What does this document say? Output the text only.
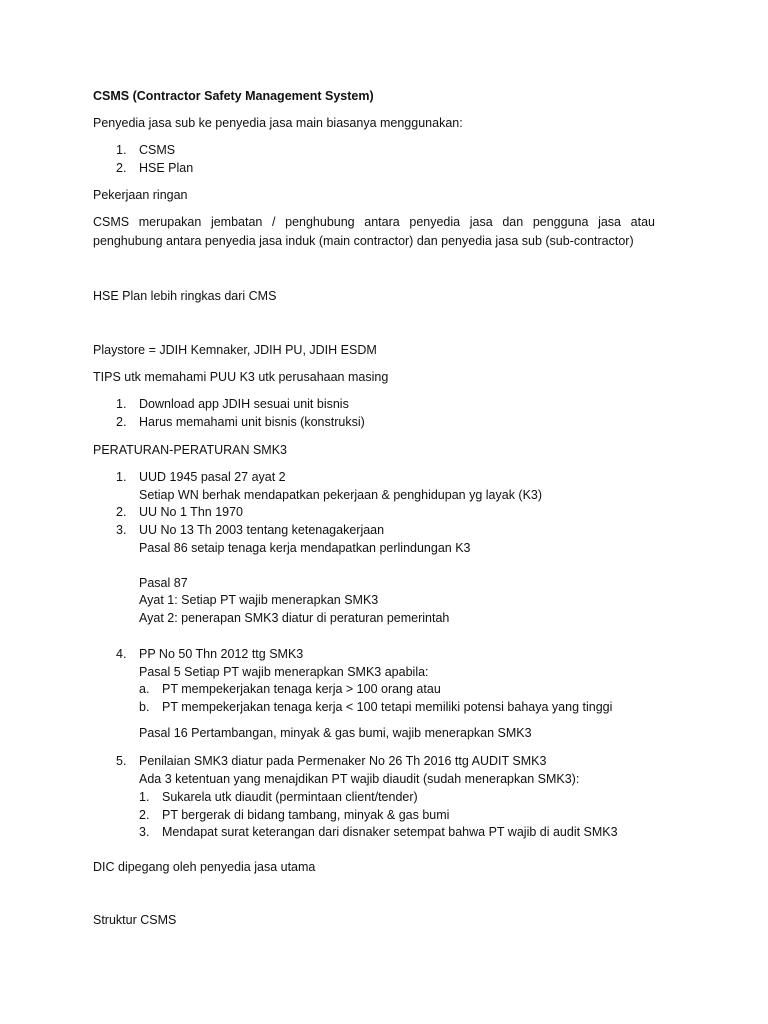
CSMS (Contractor Safety Management System)
Penyedia jasa sub ke penyedia jasa main biasanya menggunakan:
1. CSMS
2. HSE Plan
Pekerjaan ringan
CSMS merupakan jembatan / penghubung antara penyedia jasa dan pengguna jasa atau
penghubung antara penyedia jasa induk (main contractor) dan penyedia jasa sub (sub-contractor)
HSE Plan lebih ringkas dari CMS
Playstore = JDIH Kemnaker, JDIH PU, JDIH ESDM
TIPS utk memahami PUU K3 utk perusahaan masing
1. Download app JDIH sesuai unit bisnis
2. Harus memahami unit bisnis (konstruksi)
PERATURAN-PERATURAN SMK3
1. UUD 1945 pasal 27 ayat 2
Setiap WN berhak mendapatkan pekerjaan & penghidupan yg layak (K3)
2. UU No 1 Thn 1970
3. UU No 13 Th 2003 tentang ketenagakerjaan
Pasal 86 setaip tenaga kerja mendapatkan perlindungan K3
Pasal 87
Ayat 1: Setiap PT wajib menerapkan SMK3
Ayat 2: penerapan SMK3 diatur di peraturan pemerintah
4. PP No 50 Thn 2012 ttg SMK3
Pasal 5 Setiap PT wajib menerapkan SMK3 apabila:
a. PT mempekerjakan tenaga kerja > 100 orang atau
b. PT mempekerjakan tenaga kerja < 100 tetapi memiliki potensi bahaya yang tinggi
Pasal 16 Pertambangan, minyak & gas bumi, wajib menerapkan SMK3
5. Penilaian SMK3 diatur pada Permenaker No 26 Th 2016 ttg AUDIT SMK3
Ada 3 ketentuan yang menajdikan PT wajib diaudit (sudah menerapkan SMK3):
1. Sukarela utk diaudit (permintaan client/tender)
2. PT bergerak di bidang tambang, minyak & gas bumi
3. Mendapat surat keterangan dari disnaker setempat bahwa PT wajib di audit SMK3
DIC dipegang oleh penyedia jasa utama
Struktur CSMS
